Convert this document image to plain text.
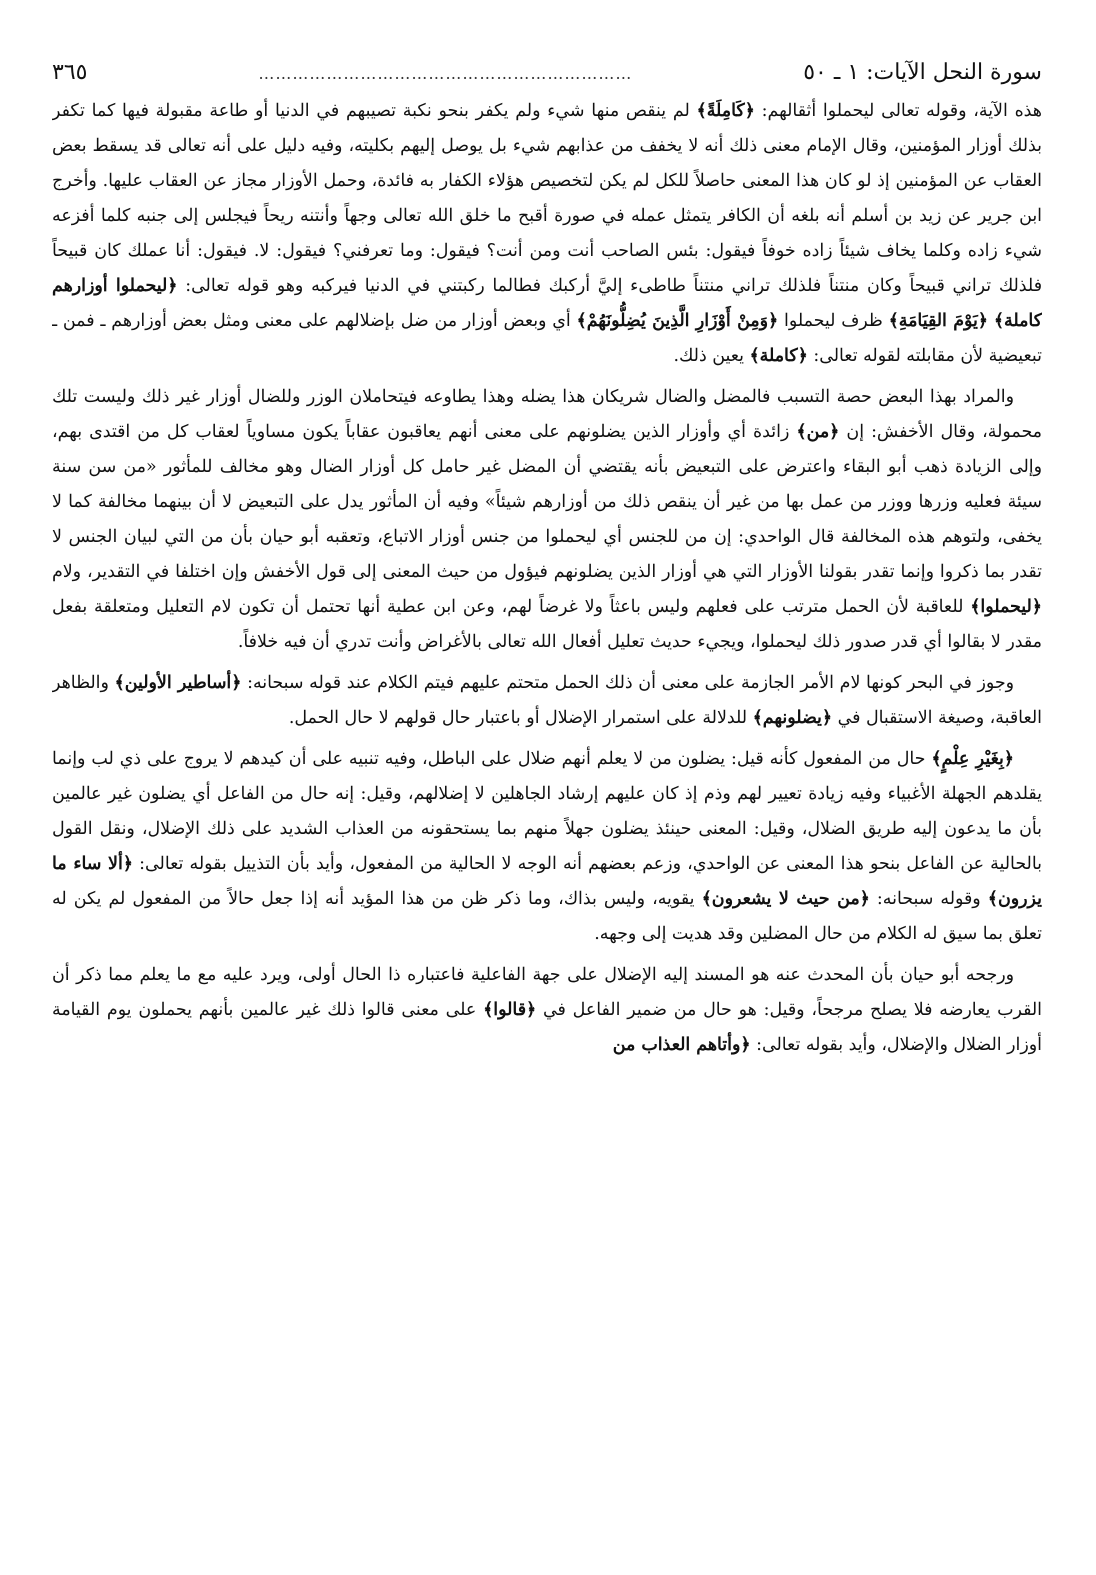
سورة النحل الآيات: ١ ـ ٥٠
…………………………………………………………
٣٦٥

هذه الآية، وقوله تعالى ليحملوا أثقالهم: ﴿كَامِلَةً﴾ لم ينقص منها شيء ولم يكفر بنحو نكبة تصيبهم في الدنيا أو طاعة مقبولة فيها كما تكفر بذلك أوزار المؤمنين، وقال الإمام معنى ذلك أنه لا يخفف من عذابهم شيء بل يوصل إليهم بكليته، وفيه دليل على أنه تعالى قد يسقط بعض العقاب عن المؤمنين إذ لو كان هذا المعنى حاصلاً للكل لم يكن لتخصيص هؤلاء الكفار به فائدة، وحمل الأوزار مجاز عن العقاب عليها. وأخرج ابن جرير عن زيد بن أسلم أنه بلغه أن الكافر يتمثل عمله في صورة أقبح ما خلق الله تعالى وجهاً وأنتنه ريحاً فيجلس إلى جنبه كلما أفزعه شيء زاده وكلما يخاف شيئاً زاده خوفاً فيقول: بئس الصاحب أنت ومن أنت؟ فيقول: وما تعرفني؟ فيقول: لا. فيقول: أنا عملك كان قبيحاً فلذلك تراني قبيحاً وكان منتناً فلذلك تراني منتناً طاطىء إليَّ أركبك فطالما ركبتني في الدنيا فيركبه وهو قوله تعالى: ﴿ليحملوا أوزارهم كاملة﴾ ﴿يَوْمَ القِيَامَةِ﴾ ظرف ليحملوا ﴿وَمِنْ أَوْزَارِ الَّذِينَ يُضِلُّونَهُمْ﴾ أي وبعض أوزار من ضل بإضلالهم على معنى ومثل بعض أوزارهم ـ فمن ـ تبعيضية لأن مقابلته لقوله تعالى: ﴿كاملة﴾ يعين ذلك.

والمراد بهذا البعض حصة التسبب فالمضل والضال شريكان هذا يضله وهذا يطاوعه فيتحاملان الوزر وللضال أوزار غير ذلك وليست تلك محمولة، وقال الأخفش: إن ﴿من﴾ زائدة أي وأوزار الذين يضلونهم على معنى أنهم يعاقبون عقاباً يكون مساوياً لعقاب كل من اقتدى بهم، وإلى الزيادة ذهب أبو البقاء واعترض على التبعيض بأنه يقتضي أن المضل غير حامل كل أوزار الضال وهو مخالف للمأثور «من سن سنة سيئة فعليه وزرها ووزر من عمل بها من غير أن ينقص ذلك من أوزارهم شيئاً» وفيه أن المأثور يدل على التبعيض لا أن بينهما مخالفة كما لا يخفى، ولتوهم هذه المخالفة قال الواحدي: إن من للجنس أي ليحملوا من جنس أوزار الاتباع، وتعقبه أبو حيان بأن من التي لبيان الجنس لا تقدر بما ذكروا وإنما تقدر بقولنا الأوزار التي هي أوزار الذين يضلونهم فيؤول من حيث المعنى إلى قول الأخفش وإن اختلفا في التقدير، ولام ﴿ليحملوا﴾ للعاقبة لأن الحمل مترتب على فعلهم وليس باعثاً ولا غرضاً لهم، وعن ابن عطية أنها تحتمل أن تكون لام التعليل ومتعلقة بفعل مقدر لا بقالوا أي قدر صدور ذلك ليحملوا، ويجيء حديث تعليل أفعال الله تعالى بالأغراض وأنت تدري أن فيه خلافاً.

وجوز في البحر كونها لام الأمر الجازمة على معنى أن ذلك الحمل متحتم عليهم فيتم الكلام عند قوله سبحانه: ﴿أساطير الأولين﴾ والظاهر العاقبة، وصيغة الاستقبال في ﴿يضلونهم﴾ للدلالة على استمرار الإضلال أو باعتبار حال قولهم لا حال الحمل.

﴿بِغَيْرِ عِلْمٍ﴾ حال من المفعول كأنه قيل: يضلون من لا يعلم أنهم ضلال على الباطل، وفيه تنبيه على أن كيدهم لا يروج على ذي لب وإنما يقلدهم الجهلة الأغبياء وفيه زيادة تعيير لهم وذم إذ كان عليهم إرشاد الجاهلين لا إضلالهم، وقيل: إنه حال من الفاعل أي يضلون غير عالمين بأن ما يدعون إليه طريق الضلال، وقيل: المعنى حينئذ يضلون جهلاً منهم بما يستحقونه من العذاب الشديد على ذلك الإضلال، ونقل القول بالحالية عن الفاعل بنحو هذا المعنى عن الواحدي، وزعم بعضهم أنه الوجه لا الحالية من المفعول، وأيد بأن التذييل بقوله تعالى: ﴿ألا ساء ما يزرون﴾ وقوله سبحانه: ﴿من حيث لا يشعرون﴾ يقويه، وليس بذاك، وما ذكر ظن من هذا المؤيد أنه إذا جعل حالاً من المفعول لم يكن له تعلق بما سيق له الكلام من حال المضلين وقد هديت إلى وجهه.

ورجحه أبو حيان بأن المحدث عنه هو المسند إليه الإضلال على جهة الفاعلية فاعتباره ذا الحال أولى، ويرد عليه مع ما يعلم مما ذكر أن القرب يعارضه فلا يصلح مرجحاً، وقيل: هو حال من ضمير الفاعل في ﴿قالوا﴾ على معنى قالوا ذلك غير عالمين بأنهم يحملون يوم القيامة أوزار الضلال والإضلال، وأيد بقوله تعالى: ﴿وأتاهم العذاب من
